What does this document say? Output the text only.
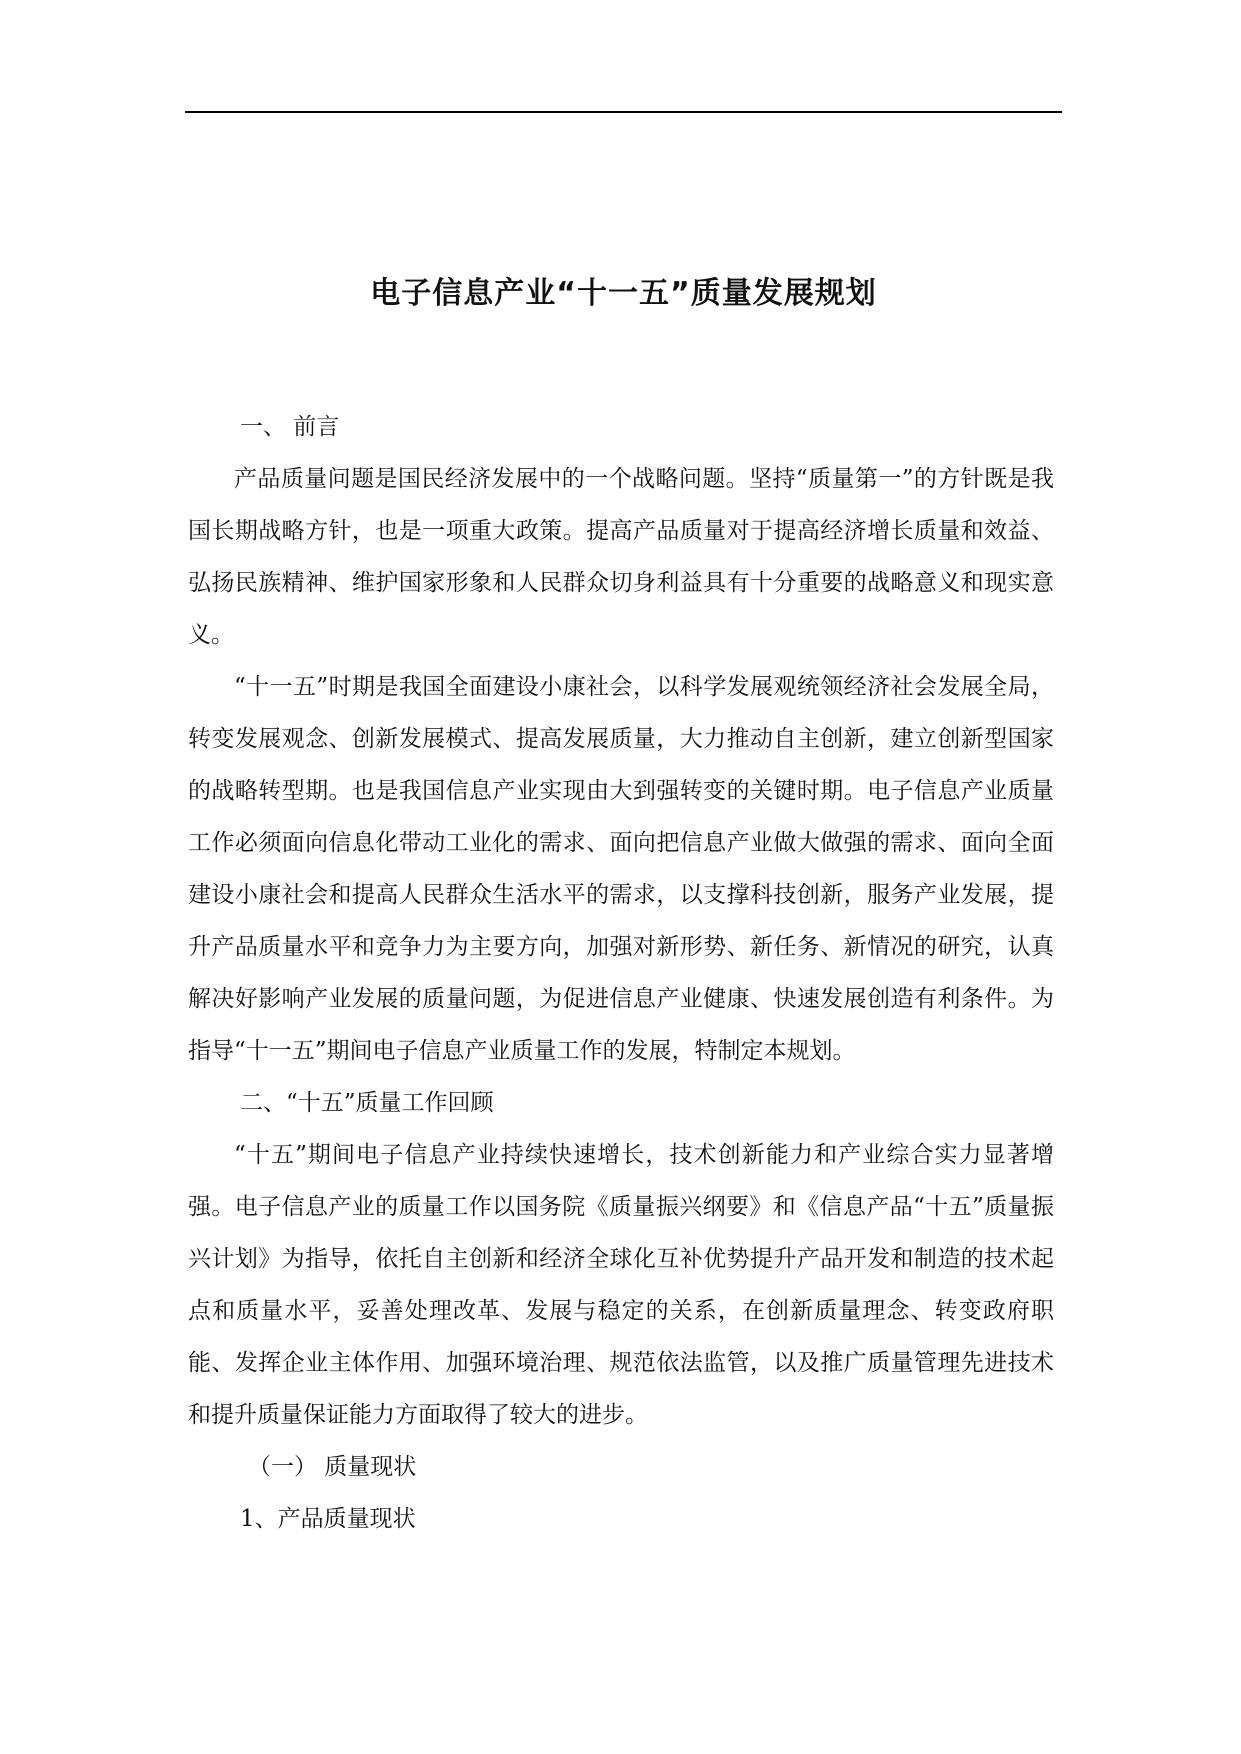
电子信息产业“十一五”质量发展规划

一、 前言

产品质量问题是国民经济发展中的一个战略问题。坚持“质量第一”的方针既是我国长期战略方针，也是一项重大政策。提高产品质量对于提高经济增长质量和效益、弘扬民族精神、维护国家形象和人民群众切身利益具有十分重要的战略意义和现实意义。

“十一五”时期是我国全面建设小康社会，以科学发展观统领经济社会发展全局，转变发展观念、创新发展模式、提高发展质量，大力推动自主创新，建立创新型国家的战略转型期。也是我国信息产业实现由大到强转变的关键时期。电子信息产业质量工作必须面向信息化带动工业化的需求、面向把信息产业做大做强的需求、面向全面建设小康社会和提高人民群众生活水平的需求，以支撑科技创新，服务产业发展，提升产品质量水平和竞争力为主要方向，加强对新形势、新任务、新情况的研究，认真解决好影响产业发展的质量问题，为促进信息产业健康、快速发展创造有利条件。为指导“十一五”期间电子信息产业质量工作的发展，特制定本规划。

二、“十五”质量工作回顾

“十五”期间电子信息产业持续快速增长，技术创新能力和产业综合实力显著增强。电子信息产业的质量工作以国务院《质量振兴纲要》和《信息产品“十五”质量振兴计划》为指导，依托自主创新和经济全球化互补优势提升产品开发和制造的技术起点和质量水平，妥善处理改革、发展与稳定的关系，在创新质量理念、转变政府职能、发挥企业主体作用、加强环境治理、规范依法监管，以及推广质量管理先进技术和提升质量保证能力方面取得了较大的进步。

（一） 质量现状

1、产品质量现状
